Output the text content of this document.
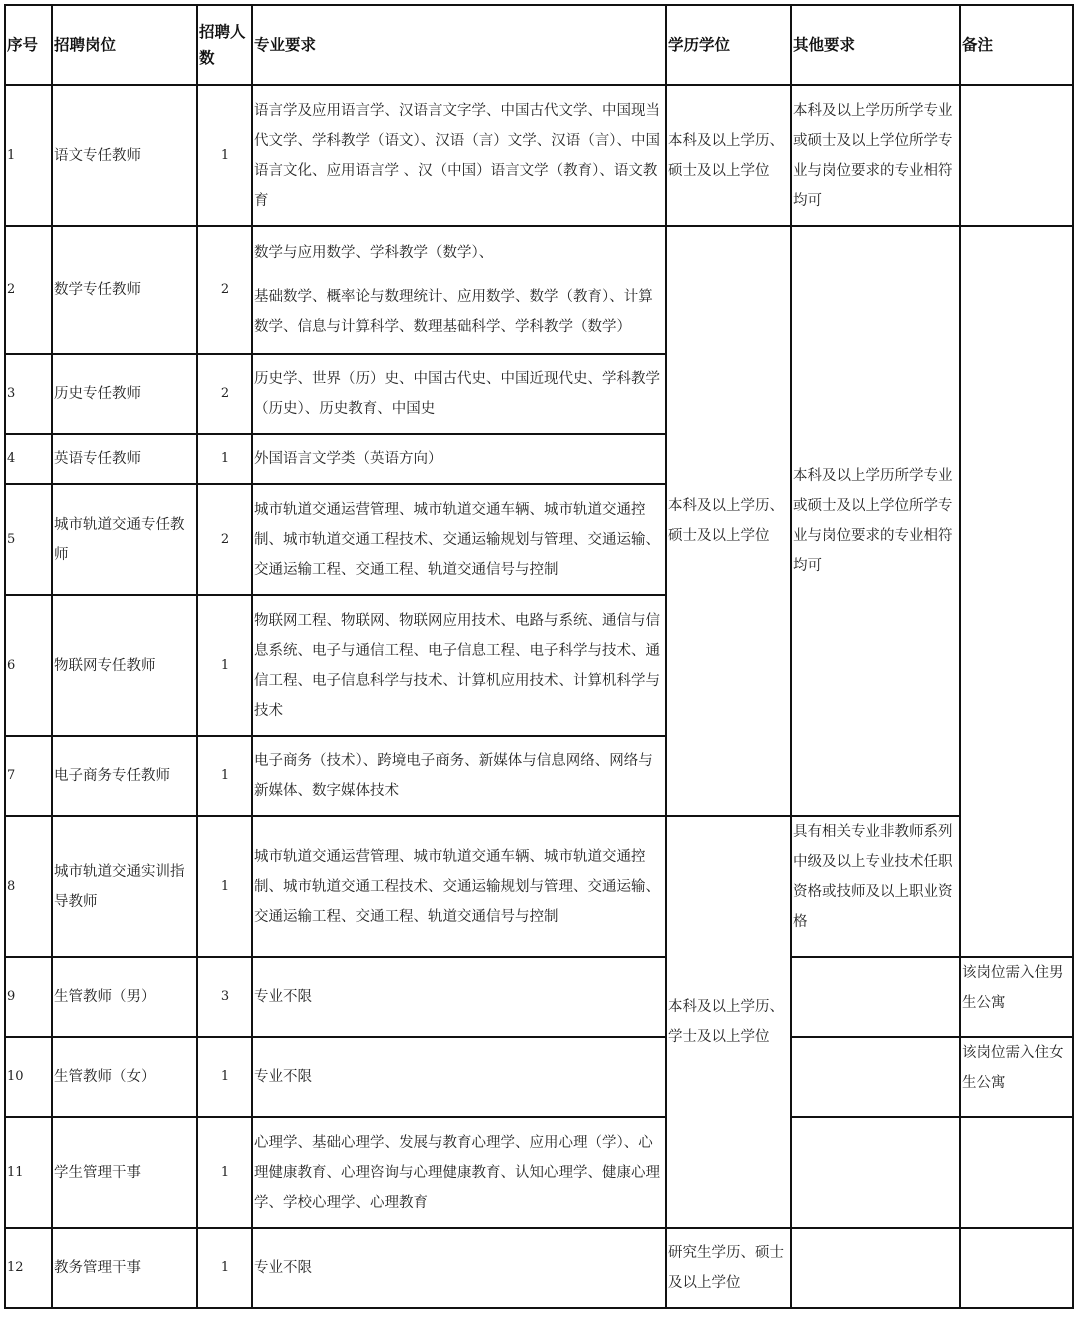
序号	招聘岗位	招聘人数	专业要求	学历学位	其他要求	备注
1	语文专任教师	1	语言学及应用语言学、汉语言文字学、中国古代文学、中国现当代文学、学科教学（语文）、汉语（言）文学、汉语（言）、中国语言文化、应用语言学 、汉（中国）语言文学（教育）、语文教育	本科及以上学历、硕士及以上学位	本科及以上学历所学专业或硕士及以上学位所学专业与岗位要求的专业相符均可	
2	数学专任教师	2	数学与应用数学、学科教学（数学）、
基础数学、概率论与数理统计、应用数学、数学（教育）、计算数学、信息与计算科学、数理基础科学、学科教学（数学）	本科及以上学历、硕士及以上学位	本科及以上学历所学专业或硕士及以上学位所学专业与岗位要求的专业相符均可	
3	历史专任教师	2	历史学、世界（历）史、中国古代史、中国近现代史、学科教学（历史）、历史教育、中国史			
4	英语专任教师	1	外国语言文学类（英语方向）			
5	城市轨道交通专任教师	2	城市轨道交通运营管理、城市轨道交通车辆、城市轨道交通控制、城市轨道交通工程技术、交通运输规划与管理、交通运输、交通运输工程、交通工程、轨道交通信号与控制			
6	物联网专任教师	1	物联网工程、物联网、物联网应用技术、电路与系统、通信与信息系统、电子与通信工程、电子信息工程、电子科学与技术、通信工程、电子信息科学与技术、计算机应用技术、计算机科学与技术			
7	电子商务专任教师	1	电子商务（技术）、跨境电子商务、新媒体与信息网络、网络与新媒体、数字媒体技术			
8	城市轨道交通实训指导教师	1	城市轨道交通运营管理、城市轨道交通车辆、城市轨道交通控制、城市轨道交通工程技术、交通运输规划与管理、交通运输、交通运输工程、交通工程、轨道交通信号与控制	本科及以上学历、学士及以上学位	具有相关专业非教师系列中级及以上专业技术任职资格或技师及以上职业资格	
9	生管教师（男）	3	专业不限			该岗位需入住男生公寓
10	生管教师（女）	1	专业不限			该岗位需入住女生公寓
11	学生管理干事	1	心理学、基础心理学、发展与教育心理学、应用心理（学）、心理健康教育、心理咨询与心理健康教育、认知心理学、健康心理学、学校心理学、心理教育			
12	教务管理干事	1	专业不限	研究生学历、硕士及以上学位		
